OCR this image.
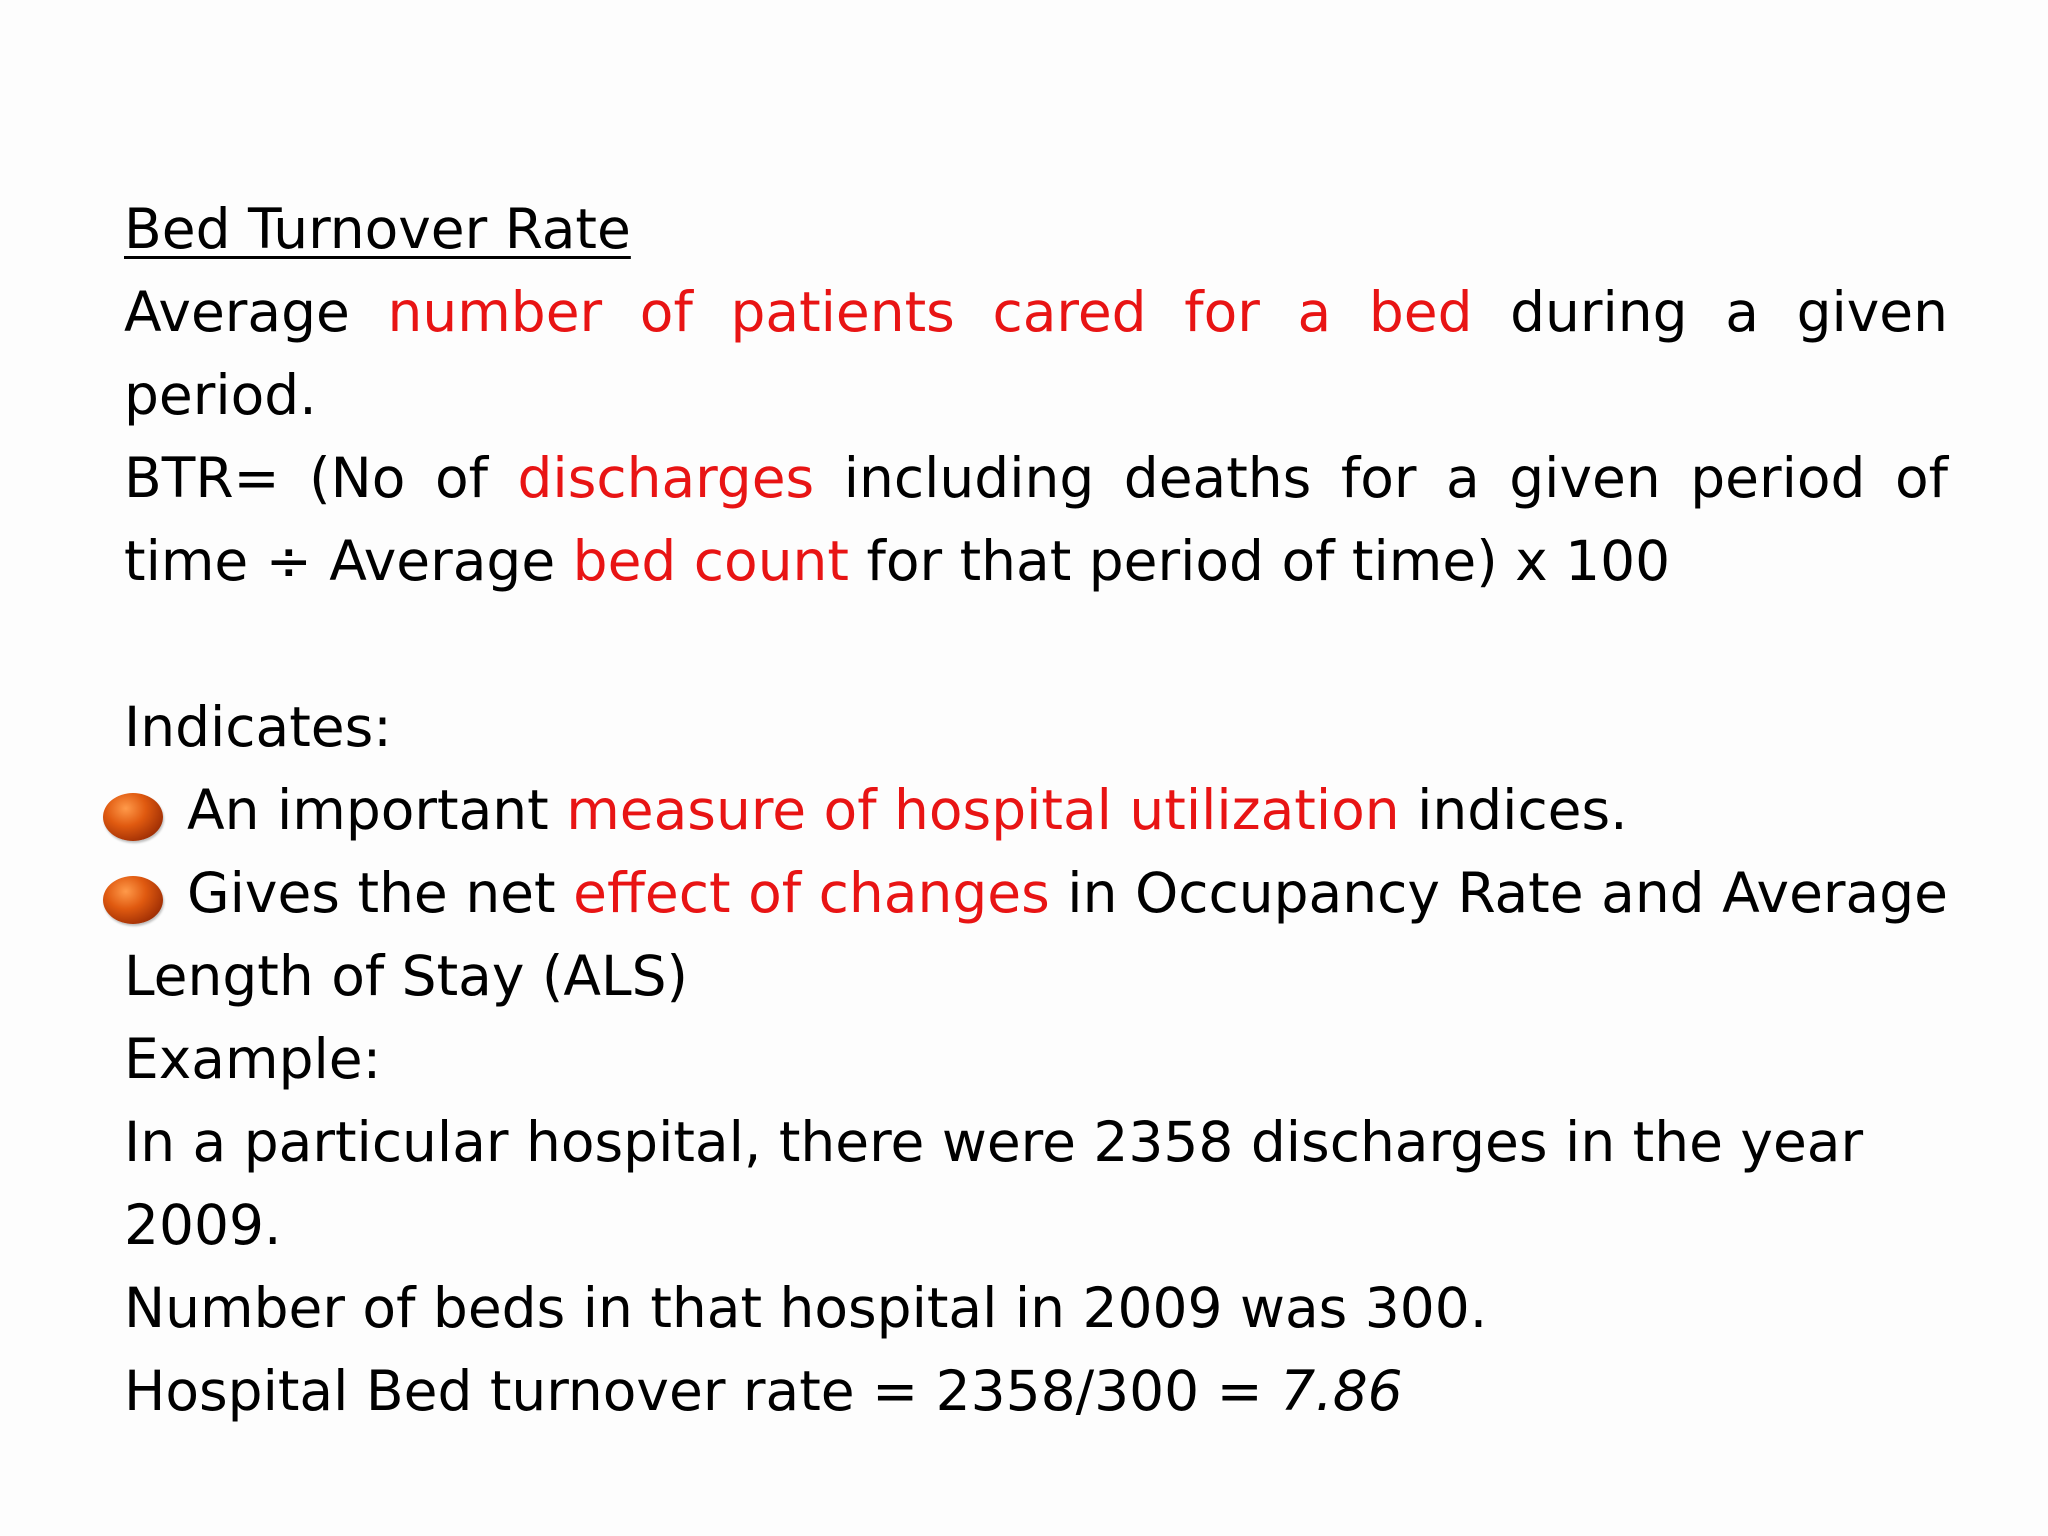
Bed Turnover Rate

Average number of patients cared for a bed during a given period.

BTR= (No of discharges including deaths for a given period of time ÷ Average bed count for that period of time) x 100

Indicates:

An important measure of hospital utilization indices.

Gives the net effect of changes in Occupancy Rate and Average Length of Stay (ALS)

Example:

In a particular hospital, there were 2358 discharges in the year 2009.

Number of beds in that hospital in 2009 was 300.

Hospital Bed turnover rate = 2358/300 = 7.86
